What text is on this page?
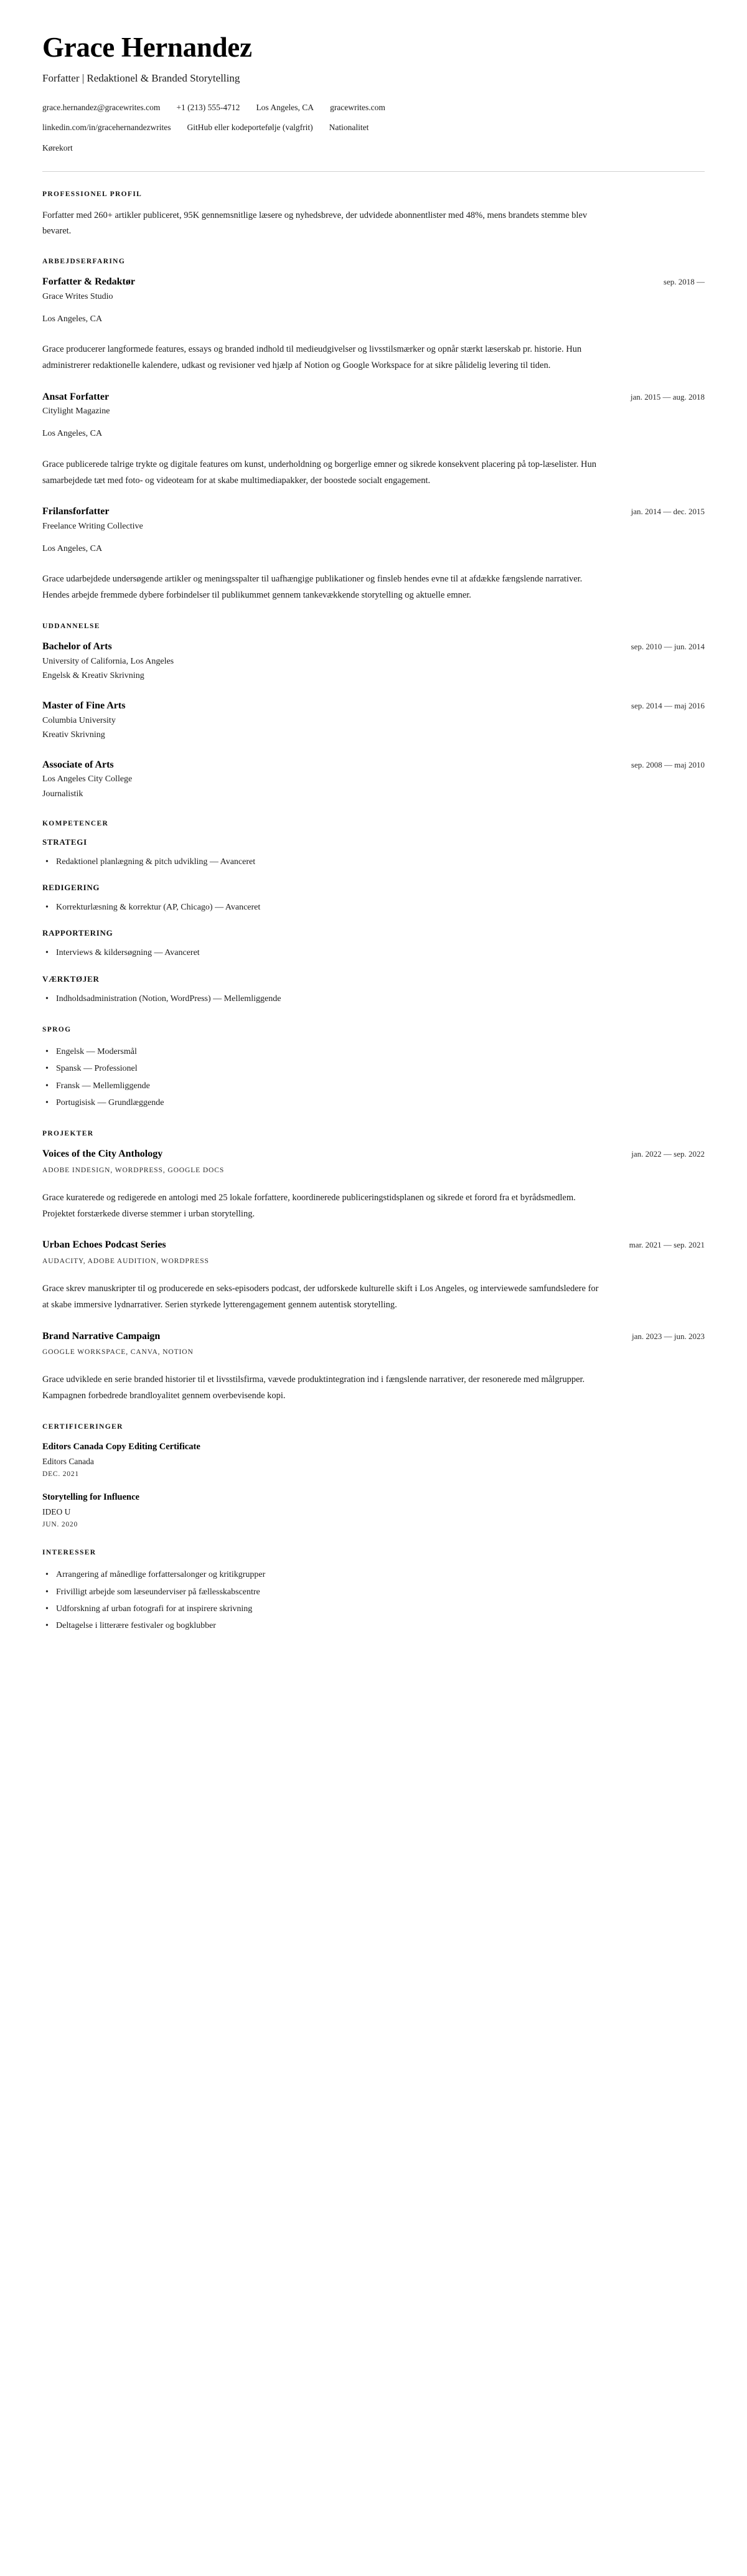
Grace Hernandez

Forfatter | Redaktionel & Branded Storytelling

grace.hernandez@gracewrites.com +1 (213) 555-4712 Los Angeles, CA gracewrites.com
linkedin.com/in/gracehernandezwrites GitHub eller kodeportefølje (valgfrit) Nationalitet
Kørekort
PROFESSIONEL PROFIL

Forfatter med 260+ artikler publiceret, 95K gennemsnitlige læsere og nyhedsbreve, der udvidede abonnentlister med 48%, mens brandets stemme blev bevaret.

ARBEJDSERFARING
Forfatter & Redaktør	sep. 2018 —

Grace Writes Studio

Los Angeles, CA

Grace producerer langformede features, essays og branded indhold til medieudgivelser og livsstilsmærker og opnår stærkt læserskab pr. historie. Hun administrerer redaktionelle kalendere, udkast og revisioner ved hjælp af Notion og Google Workspace for at sikre pålidelig levering til tiden.

Ansat Forfatter	jan. 2015 — aug. 2018

Citylight Magazine

Los Angeles, CA

Grace publicerede talrige trykte og digitale features om kunst, underholdning og borgerlige emner og sikrede konsekvent placering på top-læselister. Hun samarbejdede tæt med foto- og videoteam for at skabe multimediapakker, der boostede socialt engagement.

Frilansforfatter	jan. 2014 — dec. 2015

Freelance Writing Collective

Los Angeles, CA

Grace udarbejdede undersøgende artikler og meningsspalter til uafhængige publikationer og finsleb hendes evne til at afdække fængslende narrativer. Hendes arbejde fremmede dybere forbindelser til publikummet gennem tankevækkende storytelling og aktuelle emner.

UDDANNELSE
Bachelor of Arts	sep. 2010 — jun. 2014

University of California, Los Angeles

Engelsk & Kreativ Skrivning

Master of Fine Arts	sep. 2014 — maj 2016

Columbia University

Kreativ Skrivning

Associate of Arts	sep. 2008 — maj 2010

Los Angeles City College

Journalistik

KOMPETENCER
STRATEGI
• Redaktionel planlægning & pitch udvikling — Avanceret
REDIGERING
• Korrekturlæsning & korrektur (AP, Chicago) — Avanceret
RAPPORTERING
• Interviews & kildersøgning — Avanceret
VÆRKTØJER
• Indholdsadministration (Notion, WordPress) — Mellemliggende
SPROG
• Engelsk — Modersmål
• Spansk — Professionel
• Fransk — Mellemliggende
• Portugisisk — Grundlæggende
PROJEKTER
Voices of the City Anthology	jan. 2022 — sep. 2022

ADOBE INDESIGN, WORDPRESS, GOOGLE DOCS

Grace kuraterede og redigerede en antologi med 25 lokale forfattere, koordinerede publiceringstidsplanen og sikrede et forord fra et byrådsmedlem. Projektet forstærkede diverse stemmer i urban storytelling.

Urban Echoes Podcast Series	mar. 2021 — sep. 2021

AUDACITY, ADOBE AUDITION, WORDPRESS

Grace skrev manuskripter til og producerede en seks-episoders podcast, der udforskede kulturelle skift i Los Angeles, og interviewede samfundsledere for at skabe immersive lydnarrativer. Serien styrkede lytterengagement gennem autentisk storytelling.

Brand Narrative Campaign	jan. 2023 — jun. 2023

GOOGLE WORKSPACE, CANVA, NOTION

Grace udviklede en serie branded historier til et livsstilsfirma, vævede produktintegration ind i fængslende narrativer, der resonerede med målgrupper. Kampagnen forbedrede brandloyalitet gennem overbevisende kopi.

CERTIFICERINGER

Editors Canada Copy Editing Certificate

Editors Canada

DEC. 2021

Storytelling for Influence

IDEO U

JUN. 2020

INTERESSER
• Arrangering af månedlige forfattersalonger og kritikgrupper
• Frivilligt arbejde som læseunderviser på fællesskabscentre
• Udforskning af urban fotografi for at inspirere skrivning
• Deltagelse i litterære festivaler og bogklubber
